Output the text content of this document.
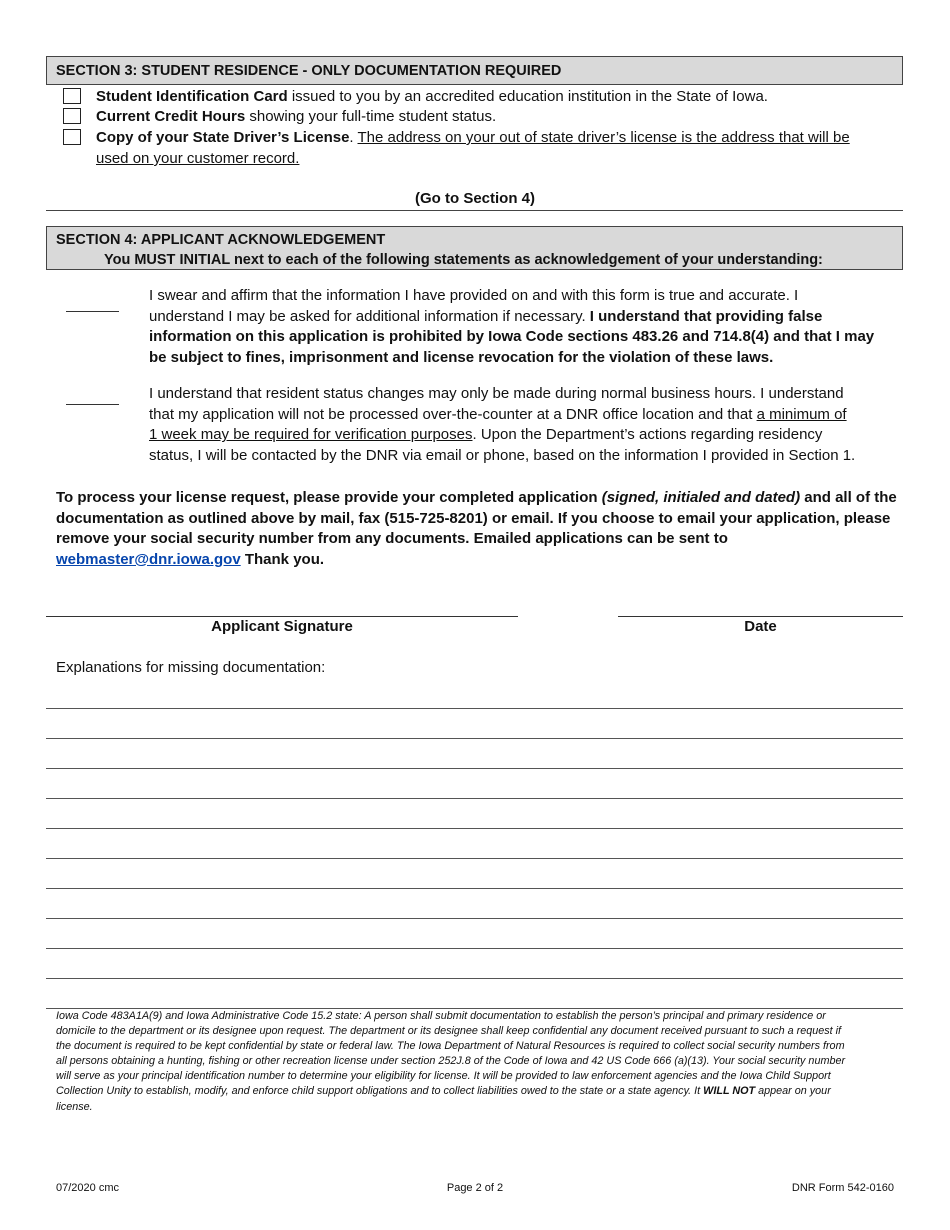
SECTION 3: STUDENT RESIDENCE - ONLY DOCUMENTATION REQUIRED
Student Identification Card issued to you by an accredited education institution in the State of Iowa.
Current Credit Hours showing your full-time student status.
Copy of your State Driver’s License. The address on your out of state driver’s license is the address that will be
used on your customer record.
(Go to Section 4)
SECTION 4: APPLICANT ACKNOWLEDGEMENT
You MUST INITIAL next to each of the following statements as acknowledgement of your understanding:
I swear and affirm that the information I have provided on and with this form is true and accurate. I
understand I may be asked for additional information if necessary. I understand that providing false
information on this application is prohibited by Iowa Code sections 483.26 and 714.8(4) and that I may
be subject to fines, imprisonment and license revocation for the violation of these laws.
I understand that resident status changes may only be made during normal business hours. I understand
that my application will not be processed over-the-counter at a DNR office location and that a minimum of
1 week may be required for verification purposes. Upon the Department’s actions regarding residency
status, I will be contacted by the DNR via email or phone, based on the information I provided in Section 1.
To process your license request, please provide your completed application (signed, initialed and dated) and all of the
documentation as outlined above by mail, fax (515-725-8201) or email. If you choose to email your application, please
remove your social security number from any documents. Emailed applications can be sent to
webmaster@dnr.iowa.gov Thank you.
Applicant Signature	Date
Explanations for missing documentation:
Iowa Code 483A1A(9) and Iowa Administrative Code 15.2 state: A person shall submit documentation to establish the person’s principal and primary residence or
domicile to the department or its designee upon request. The department or its designee shall keep confidential any document received pursuant to such a request if
the document is required to be kept confidential by state or federal law. The Iowa Department of Natural Resources is required to collect social security numbers from
all persons obtaining a hunting, fishing or other recreation license under section 252J.8 of the Code of Iowa and 42 US Code 666 (a)(13). Your social security number
will serve as your principal identification number to determine your eligibility for license. It will be provided to law enforcement agencies and the Iowa Child Support
Collection Unity to establish, modify, and enforce child support obligations and to collect liabilities owed to the state or a state agency. It WILL NOT appear on your
license.
07/2020 cmc	Page 2 of 2	DNR Form 542-0160
